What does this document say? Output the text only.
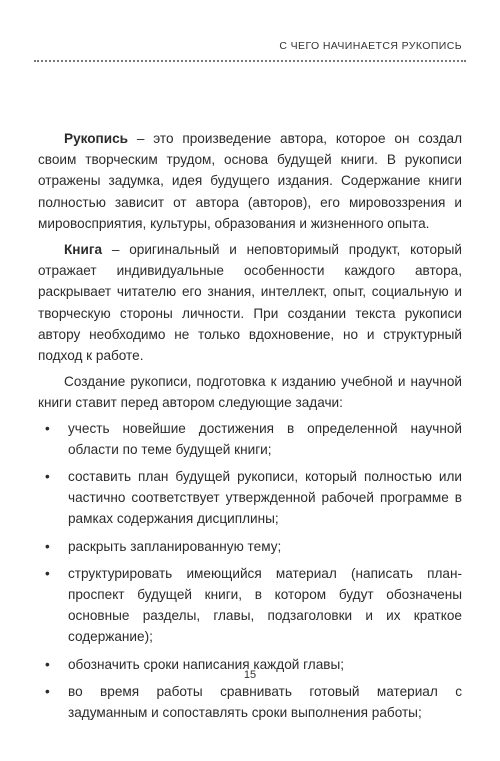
С ЧЕГО НАЧИНАЕТСЯ РУКОПИСЬ

Рукопись – это произведение автора, которое он создал своим творческим трудом, основа будущей книги. В рукописи отражены задумка, идея будущего издания. Содержание книги полностью зависит от автора (авторов), его мировоззрения и мировосприятия, культуры, образования и жизненного опыта.

Книга – оригинальный и неповторимый продукт, который отражает индивидуальные особенности каждого автора, раскрывает читателю его знания, интеллект, опыт, социальную и творческую стороны личности. При создании текста рукописи автору необходимо не только вдохновение, но и структурный подход к работе.

Создание рукописи, подготовка к изданию учебной и научной книги ставит перед автором следующие задачи:

• учесть новейшие достижения в определенной научной области по теме будущей книги;
• составить план будущей рукописи, который полностью или частично соответствует утвержденной рабочей программе в рамках содержания дисциплины;
• раскрыть запланированную тему;
• структурировать имеющийся материал (написать план-проспект будущей книги, в котором будут обозначены основные разделы, главы, подзаголовки и их краткое содержание);
• обозначить сроки написания каждой главы;
• во время работы сравнивать готовый материал с задуманным и сопоставлять сроки выполнения работы;
15
